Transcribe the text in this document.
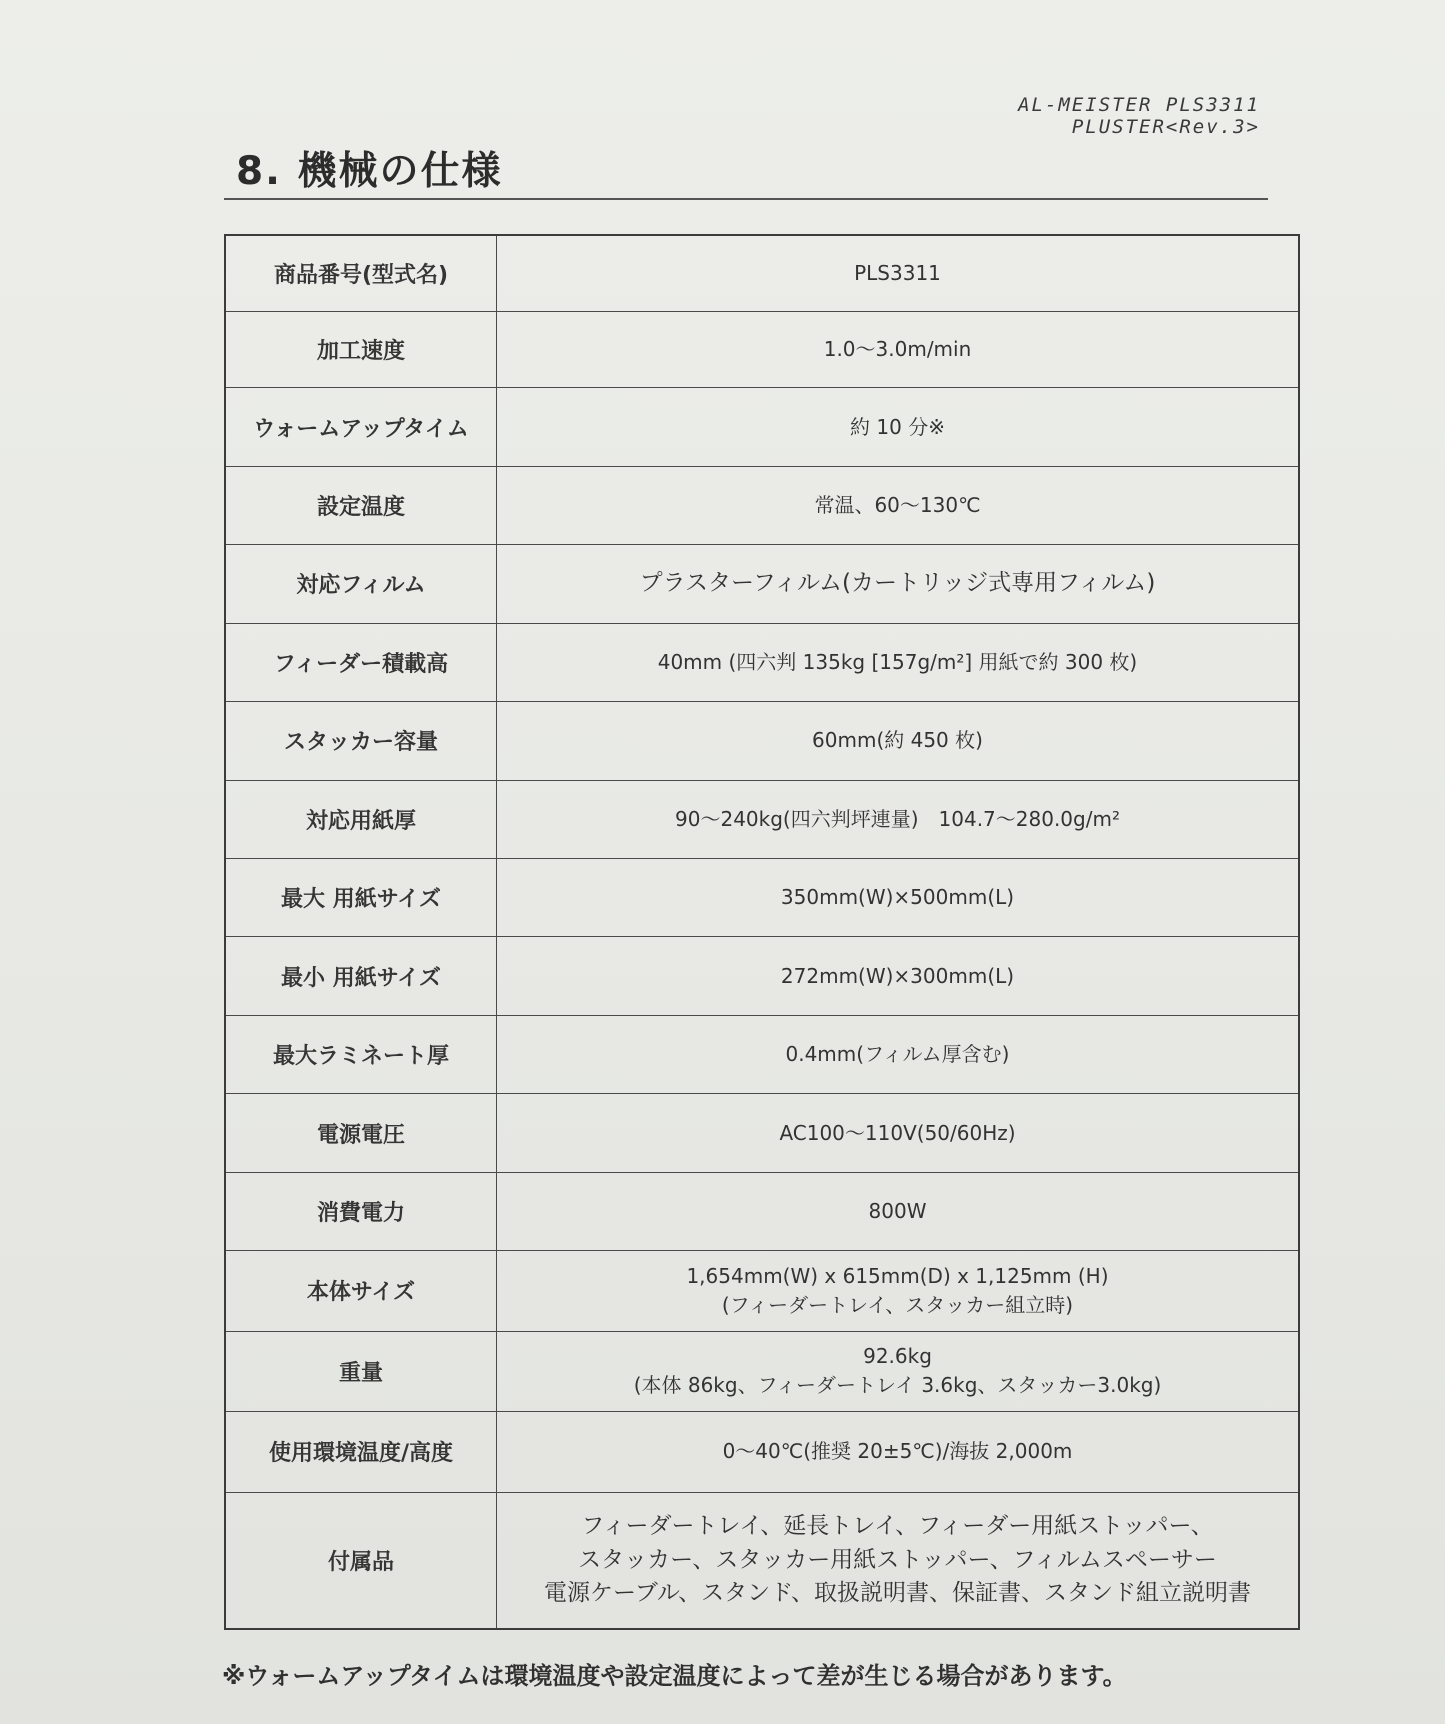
AL-MEISTER PLS3311 PLUSTER<Rev.3>
8. 機械の仕様
商品番号(型式名)	PLS3311

加工速度	1.0～3.0m/min

ウォームアップタイム	約 10 分※

設定温度	常温、60～130℃

対応フィルム	プラスターフィルム(カートリッジ式専用フィルム)

フィーダー積載高	40mm (四六判 135kg [157g/m²] 用紙で約 300 枚)

スタッカー容量	60mm(約 450 枚)

対応用紙厚	90～240kg(四六判坪連量)　104.7～280.0g/m²

最大 用紙サイズ	350mm(W)×500mm(L)

最小 用紙サイズ	272mm(W)×300mm(L)

最大ラミネート厚	0.4mm(フィルム厚含む)

電源電圧	AC100～110V(50/60Hz)

消費電力	800W

本体サイズ	1,654mm(W) x 615mm(D) x 1,125mm (H)
(フィーダートレイ、スタッカー組立時)

重量	92.6kg
(本体 86kg、フィーダートレイ 3.6kg、スタッカー3.0kg)

使用環境温度/高度	0～40℃(推奨 20±5℃)/海抜 2,000m

付属品	フィーダートレイ、延長トレイ、フィーダー用紙ストッパー、
スタッカー、スタッカー用紙ストッパー、フィルムスペーサー
電源ケーブル、スタンド、取扱説明書、保証書、スタンド組立説明書
※ウォームアップタイムは環境温度や設定温度によって差が生じる場合があります。
